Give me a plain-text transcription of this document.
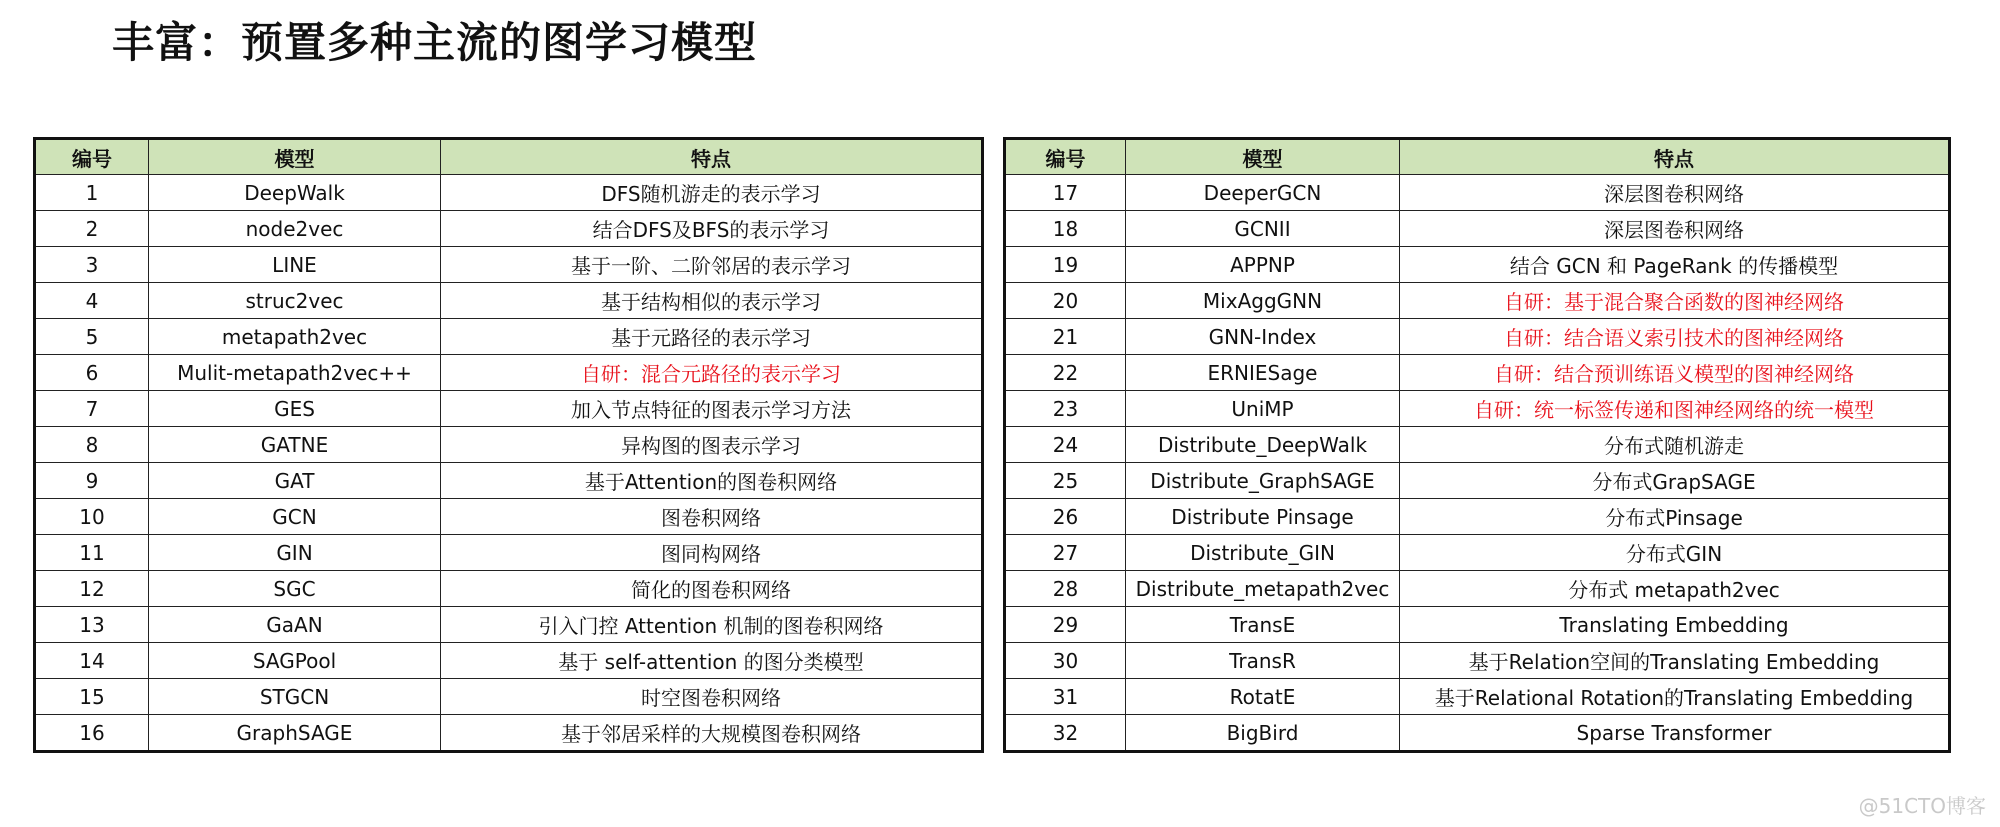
丰富：预置多种主流的图学习模型
编号	模型	特点
1	DeepWalk	DFS随机游走的表示学习
2	node2vec	结合DFS及BFS的表示学习
3	LINE	基于一阶、二阶邻居的表示学习
4	struc2vec	基于结构相似的表示学习
5	metapath2vec	基于元路径的表示学习
6	Mulit-metapath2vec++	自研：混合元路径的表示学习
7	GES	加入节点特征的图表示学习方法
8	GATNE	异构图的图表示学习
9	GAT	基于Attention的图卷积网络
10	GCN	图卷积网络
11	GIN	图同构网络
12	SGC	简化的图卷积网络
13	GaAN	引入门控 Attention 机制的图卷积网络
14	SAGPool	基于 self-attention 的图分类模型
15	STGCN	时空图卷积网络
16	GraphSAGE	基于邻居采样的大规模图卷积网络
编号	模型	特点
17	DeeperGCN	深层图卷积网络
18	GCNII	深层图卷积网络
19	APPNP	结合 GCN 和 PageRank 的传播模型
20	MixAggGNN	自研：基于混合聚合函数的图神经网络
21	GNN-Index	自研：结合语义索引技术的图神经网络
22	ERNIESage	自研：结合预训练语义模型的图神经网络
23	UniMP	自研：统一标签传递和图神经网络的统一模型
24	Distribute_DeepWalk	分布式随机游走
25	Distribute_GraphSAGE	分布式GrapSAGE
26	Distribute Pinsage	分布式Pinsage
27	Distribute_GIN	分布式GIN
28	Distribute_metapath2vec	分布式 metapath2vec
29	TransE	Translating Embedding
30	TransR	基于Relation空间的Translating Embedding
31	RotatE	基于Relational Rotation的Translating Embedding
32	BigBird	Sparse Transformer
@51CTO博客
